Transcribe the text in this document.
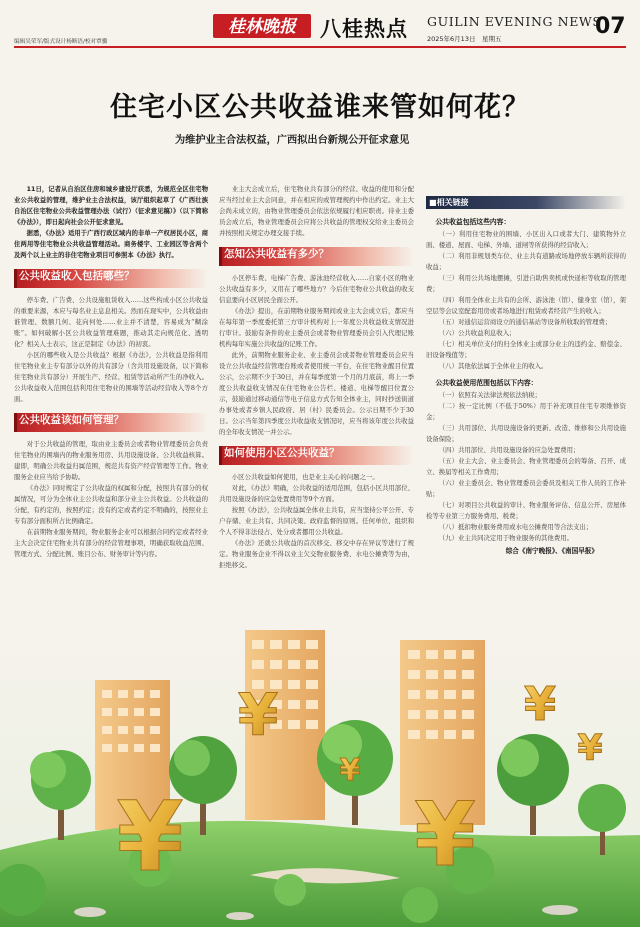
编辑吴荣军/版式设计杨断语/校对覃骥
桂林晚报 八桂热点 GUILIN EVENING NEWS
2025年6月13日　星期五	07
住宅小区公共收益谁来管如何花？
为维护业主合法权益，广西拟出台新规公开征求意见

11日，记者从自治区住房和城乡建设厅获悉，为规范全区住宅物业公共收益的管理，维护业主合法权益，该厅组织起草了《广西壮族自治区住宅物业公共收益管理办法（试行）（征求意见稿）》（以下简称《办法》），即日起向社会公开征求意见。

据悉，《办法》适用于广西行政区域内的非单一产权居民小区，商住两用等住宅物业公共收益管理活动。商务楼宇、工业园区等含两个及两个以上业主的非住宅物业项目可参照本《办法》执行。

公共收益收入包括哪些？

停车费、广告费、公共设施租赁收入……这些构成小区公共收益的重要来源，本应与每名业主息息相关。然而在现实中，公共收益由谁管理、数额几何、花向何处……业主并不清楚，容易成为“糊涂账”。如何破解小区公共收益管理难题，推动其走向规范化、透明化？相关人士表示，这正是制定《办法》的初衷。

小区的哪些收入是公共收益？根据《办法》，公共收益是指利用住宅物业业主专有部分以外的共有部分（含共用设施设备，以下简称住宅物业共有部分）开展生产、经营、租赁等活动所产生的净收入。公共收益收入范围包括利用住宅物业的围墙等活动经营收入等8个方面。

公共收益该如何管理？

对于公共收益的管理，取由业主委员会或者物业管理委员会负责住宅物业的围墙内的物业服务用房、共用设施设备、公共收益核算。建即，明确公共收益归属范围，规范共有资产经营管理等工作。物业服务企业应当给予协助。

《办法》同时规定了公共收益的权属和分配，按照共有部分的权属情况，可分为全体业主公共收益和部分业主公共收益。公共收益的分配，有约定的，按照约定；没有约定或者约定不明确的，按照业主专有部分面积所占比例确定。

在前期物业服务期间，物业服务企业可以根据合同约定或者经业主大会决定住宅物业共有部分的经营管理事项，明确获取收益范围、管理方式、分配比例、账目公布、财务审计等内容。

业主大会成立后，住宅物业共有部分的经营、收益的使用和分配应当经过业主大会同意，并在相应的或管理规约中作出约定。业主大会尚未成立的，由物业管理委员会依法依规履行相应职责。待业主委员会成立后，物业管理委员会应将公共收益的管理权交给业主委员会并按照相关规定办理交接手续。

怎知公共收益有多少？

小区停车费、电梯广告费、游泳池经营收入……自家小区的物业公共收益有多少，又用在了哪些地方？今后住宅物业公共收益的收支信息要向小区居民全面公开。

《办法》提出，在前期物业服务期间或业主大会成立后，都应当在每年第一季度委托第三方审计机构对上一年度公共收益收支情况进行审计。鼓励有条件的业主委员会或者物业管理委员会引入代理记账机构每年实施公共收益的记账工作。

此外，前期物业服务企业、业主委员会或者物业管理委员会应当设立公共收益经营管理台账或者使用统一平台，在住宅物业醒目位置公示，公示期不少于30日，并在每季度第一个月的月底前，将上一季度公共收益收支情况在住宅物业公告栏、楼道、电梯等醒目位置公示，鼓励通过移动通信等电子信息方式告知全体业主，同时抄送街道办事处或者乡镇人民政府、居（村）民委员会。公示日期不少于30日。公示当年第四季度公共收益收支情况时，应当将该年度公共收益的全年收支情况一并公示。

如何使用小区公共收益？

小区公共收益如何使用，也是业主关心的问题之一。

对此，《办法》明确，公共收益的适用范围，包括小区共用部位、共用设施设备的应急处置费用等9个方面。

按照《办法》，公共收益属全体业主共有，应当坚持公平公开、专户存储、业主共有、共同决策、政府监督的原则。任何单位、组织和个人不得非法侵占、处分或者挪用公共收益。

《办法》还就公共收益的首次移交、移交中存在异议等进行了规定。物业服务企业不得以业主欠交物业服务费、水电公摊费等为由，拒绝移交。

■相关链接
公共收益包括这些内容：

（一）利用住宅物业的围墙、小区出入口或者大门、建筑物外立面、楼道、屋面、电梯、外墙、道闸等所获得的经营收入；

（二）利用非规划类车位、业主共有道路或场地停放车辆所获得的收益；

（三）利用公共场地摆摊，引进自助售卖机或快递柜等收取的管理费；

（四）利用全体业主共有的会所、游泳池（馆）、健身室（馆），架空层等会议室配套用房或者场地进行租赁或者经营产生的收入；

（五）对通信运营商设立的通信基站等设备所收取的管理费；

（六）公共收益利息收入；

（七）相关单位支付的归全体业主或部分业主的违约金、赔偿金、旧设备残值等；

（八）其他依法属于全体业主的收入。

公共收益使用范围包括以下内容：

（一）依照有关法律法规依法纳税；

（二）按一定比例（不低于50%）用于补充项目住宅专项维修资金；

（三）共用部位、共用设施设备的更新、改造、维修和公共用设施设备保险；

（四）共用部位、共用设施设备的应急处置费用；

（五）业主大会、业主委员会、物业管理委员会的筹备、召开、成立、换届等相关工作费用；

（六）业主委员会、物业管理委员会委员及相关工作人员的工作补贴；

（七）对项目公共收益的审计、物业服务评估、信息公开、房屋体检等专业第三方服务费用、税费；

（八）抵扣物业服务费用或水电公摊费用等合法支出；

（九）业主共同决定用于物业服务的其他费用。

综合《南宁晚报》、《南国早报》
¥	¥
¥	¥
¥
¥
